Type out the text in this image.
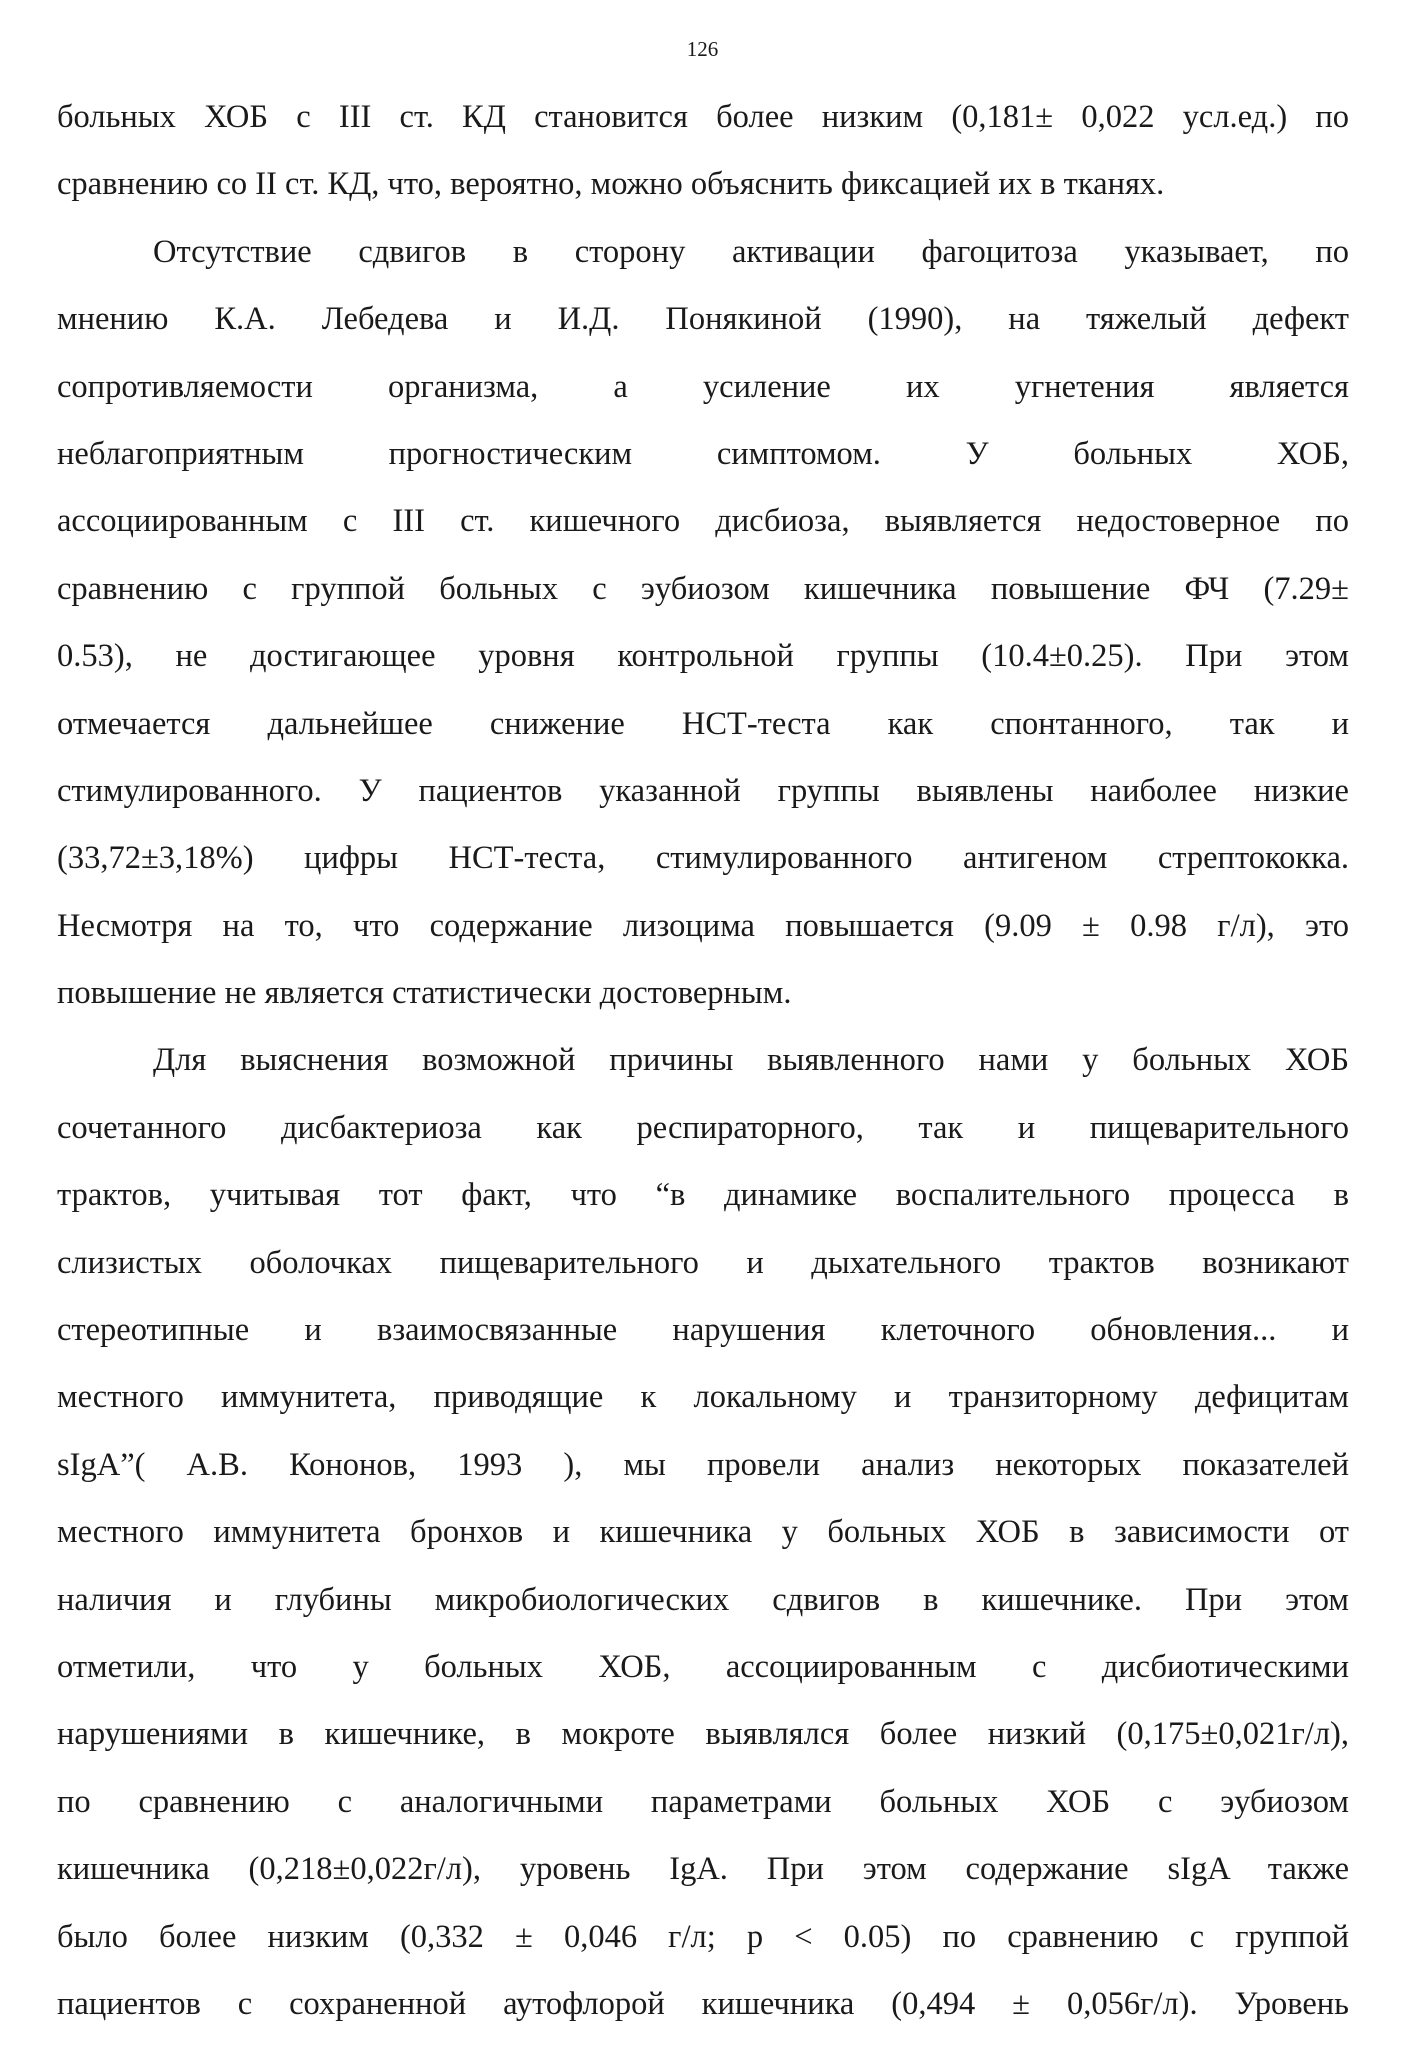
126
больных ХОБ с III ст. КД становится более низким (0,181± 0,022 усл.ед.) по
сравнению со II ст. КД, что, вероятно, можно объяснить фиксацией их в тканях.
Отсутствие сдвигов в сторону активации фагоцитоза указывает, по
мнению К.А. Лебедева и И.Д. Понякиной (1990), на тяжелый дефект
сопротивляемости организма, а усиление их угнетения является
неблагоприятным прогностическим симптомом. У больных ХОБ,
ассоциированным с III ст. кишечного дисбиоза, выявляется недостоверное по
сравнению с группой больных с эубиозом кишечника повышение ФЧ (7.29±
0.53), не достигающее уровня контрольной группы (10.4±0.25). При этом
отмечается дальнейшее снижение НСТ-теста как спонтанного, так и
стимулированного. У пациентов указанной группы выявлены наиболее низкие
(33,72±3,18%) цифры НСТ-теста, стимулированного антигеном стрептококка.
Несмотря на то, что содержание лизоцима повышается (9.09 ± 0.98 г/л), это
повышение не является статистически достоверным.
Для выяснения возможной причины выявленного нами у больных ХОБ
сочетанного дисбактериоза как респираторного, так и пищеварительного
трактов, учитывая тот факт, что “в динамике воспалительного процесса в
слизистых оболочках пищеварительного и дыхательного трактов возникают
стереотипные и взаимосвязанные нарушения клеточного обновления... и
местного иммунитета, приводящие к локальному и транзиторному дефицитам
sIgA”( А.В. Кононов, 1993 ), мы провели анализ некоторых показателей
местного иммунитета бронхов и кишечника у больных ХОБ в зависимости от
наличия и глубины микробиологических сдвигов в кишечнике. При этом
отметили, что у больных ХОБ, ассоциированным с дисбиотическими
нарушениями в кишечнике, в мокроте выявлялся более низкий (0,175±0,021г/л),
по сравнению с аналогичными параметрами больных ХОБ с эубиозом
кишечника (0,218±0,022г/л), уровень IgA. При этом содержание sIgA также
было более низким (0,332 ± 0,046 г/л; р < 0.05) по сравнению с группой
пациентов с сохраненной аутофлорой кишечника (0,494 ± 0,056г/л). Уровень
